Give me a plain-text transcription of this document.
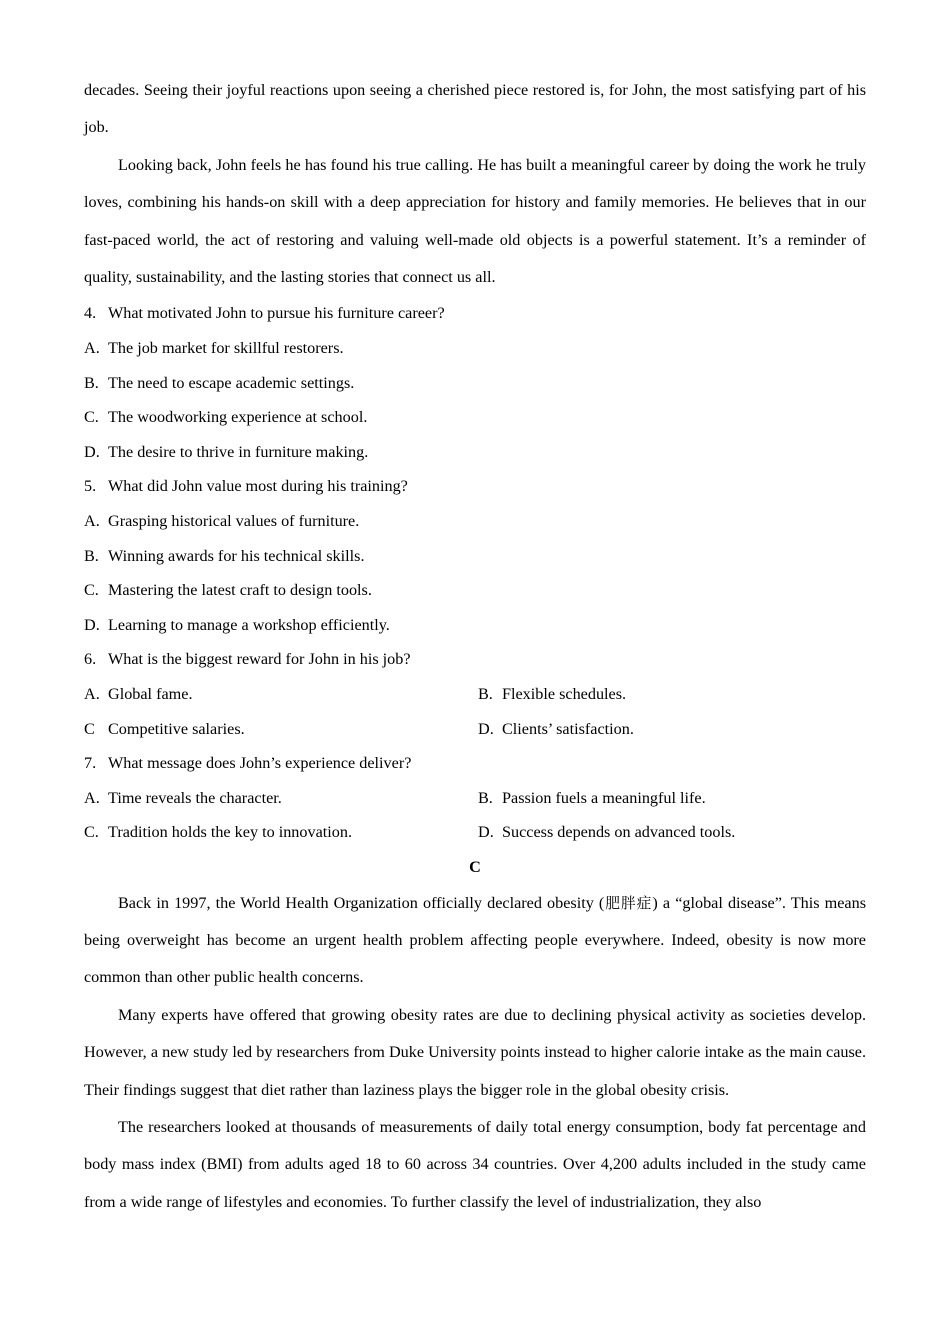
decades. Seeing their joyful reactions upon seeing a cherished piece restored is, for John, the most satisfying part of his job.

Looking back, John feels he has found his true calling. He has built a meaningful career by doing the work he truly loves, combining his hands-on skill with a deep appreciation for history and family memories. He believes that in our fast-paced world, the act of restoring and valuing well-made old objects is a powerful statement. It’s a reminder of quality, sustainability, and the lasting stories that connect us all.

4. What motivated John to pursue his furniture career?
A. The job market for skillful restorers.
B. The need to escape academic settings.
C. The woodworking experience at school.
D. The desire to thrive in furniture making.
5. What did John value most during his training?
A. Grasping historical values of furniture.
B. Winning awards for his technical skills.
C. Mastering the latest craft to design tools.
D. Learning to manage a workshop efficiently.
6. What is the biggest reward for John in his job?
A. Global fame.	B. Flexible schedules.
C Competitive salaries.	D. Clients’ satisfaction.
7. What message does John’s experience deliver?
A. Time reveals the character.	B. Passion fuels a meaningful life.
C. Tradition holds the key to innovation.	D. Success depends on advanced tools.
C

Back in 1997, the World Health Organization officially declared obesity (肥胖症) a “global disease”. This means being overweight has become an urgent health problem affecting people everywhere. Indeed, obesity is now more common than other public health concerns.

Many experts have offered that growing obesity rates are due to declining physical activity as societies develop. However, a new study led by researchers from Duke University points instead to higher calorie intake as the main cause. Their findings suggest that diet rather than laziness plays the bigger role in the global obesity crisis.

The researchers looked at thousands of measurements of daily total energy consumption, body fat percentage and body mass index (BMI) from adults aged 18 to 60 across 34 countries. Over 4,200 adults included in the study came from a wide range of lifestyles and economies. To further classify the level of industrialization, they also
